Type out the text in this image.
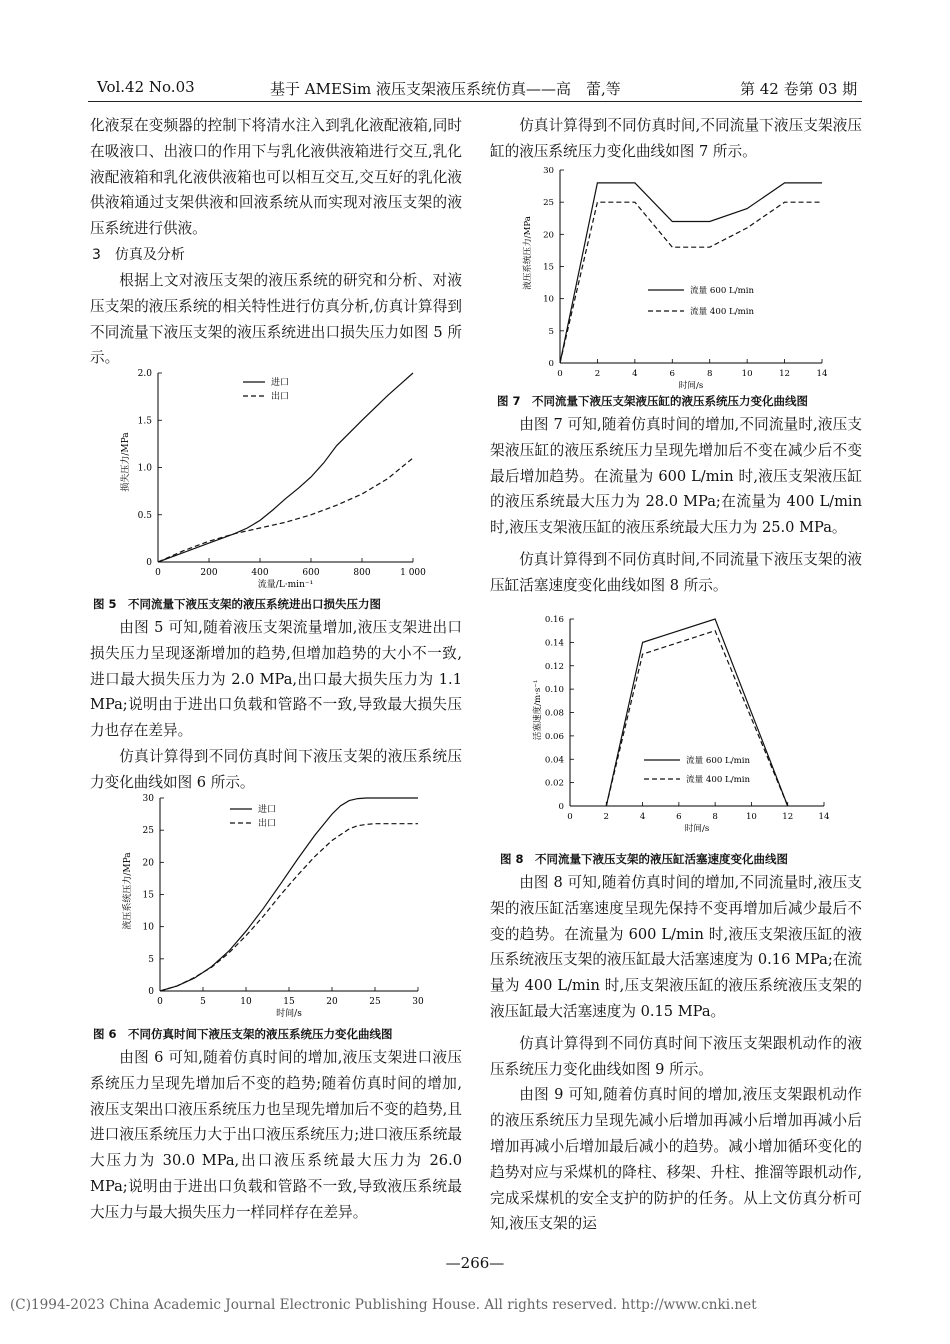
Vol.42 No.03	基于 AMESim 液压支架液压系统仿真——高　蕾,等	第 42 卷第 03 期

化液泵在变频器的控制下将清水注入到乳化液配液箱,同时在吸液口、出液口的作用下与乳化液供液箱进行交互,乳化液配液箱和乳化液供液箱也可以相互交互,交互好的乳化液供液箱通过支架供液和回液系统从而实现对液压支架的液压系统进行供液。

3　仿真及分析

根据上文对液压支架的液压系统的研究和分析、对液压支架的液压系统的相关特性进行仿真分析,仿真计算得到不同流量下液压支架的液压系统进出口损失压力如图 5 所示。

0	200	400	600	800	1 000
0.5
1.0
1.5
2.0
0
流量/L·min⁻¹
损失压力/MPa
进口
出口
图 5　不同流量下液压支架的液压系统进出口损失压力图

由图 5 可知,随着液压支架流量增加,液压支架进出口损失压力呈现逐渐增加的趋势,但增加趋势的大小不一致,进口最大损失压力为 2.0 MPa,出口最大损失压力为 1.1 MPa;说明由于进出口负载和管路不一致,导致最大损失压力也存在差异。

仿真计算得到不同仿真时间下液压支架的液压系统压力变化曲线如图 6 所示。

0	5	10	15	20	25	30
0
5
10
15
20
25
30
时间/s
液压系统压力/MPa
进口
出口
图 6　不同仿真时间下液压支架的液压系统压力变化曲线图

由图 6 可知,随着仿真时间的增加,液压支架进口液压系统压力呈现先增加后不变的趋势;随着仿真时间的增加,液压支架出口液压系统压力也呈现先增加后不变的趋势,且进口液压系统压力大于出口液压系统压力;进口液压系统最大压力为 30.0 MPa,出口液压系统最大压力为 26.0 MPa;说明由于进出口负载和管路不一致,导致液压系统最大压力与最大损失压力一样同样存在差异。

仿真计算得到不同仿真时间,不同流量下液压支架液压缸的液压系统压力变化曲线如图 7 所示。

0	2	4	6	8	10	12	14
0
5
10
15
20
25
30
时间/s
液压系统压力/MPa
流量 600 L/min
流量 400 L/min
图 7　不同流量下液压支架液压缸的液压系统压力变化曲线图

由图 7 可知,随着仿真时间的增加,不同流量时,液压支架液压缸的液压系统压力呈现先增加后不变在减少后不变最后增加趋势。在流量为 600 L/min 时,液压支架液压缸的液压系统最大压力为 28.0 MPa;在流量为 400 L/min 时,液压支架液压缸的液压系统最大压力为 25.0 MPa。

仿真计算得到不同仿真时间,不同流量下液压支架的液压缸活塞速度变化曲线如图 8 所示。

0	2	4	6	8	10	12	14
0.02
0.04
0.06
0.08
0.10
0.12
0.14
0.16
0
时间/s
活塞速度/m·s⁻¹
流量 600 L/min
流量 400 L/min
图 8　不同流量下液压支架的液压缸活塞速度变化曲线图

由图 8 可知,随着仿真时间的增加,不同流量时,液压支架的液压缸活塞速度呈现先保持不变再增加后减少最后不变的趋势。在流量为 600 L/min 时,液压支架液压缸的液压系统液压支架的液压缸最大活塞速度为 0.16 MPa;在流量为 400 L/min 时,压支架液压缸的液压系统液压支架的液压缸最大活塞速度为 0.15 MPa。

仿真计算得到不同仿真时间下液压支架跟机动作的液压系统压力变化曲线如图 9 所示。

由图 9 可知,随着仿真时间的增加,液压支架跟机动作的液压系统压力呈现先减小后增加再减小后增加再减小后增加再减小后增加最后减小的趋势。减小增加循环变化的趋势对应与采煤机的降柱、移架、升柱、推溜等跟机动作,完成采煤机的安全支护的防护的任务。从上文仿真分析可知,液压支架的运

—266—
(C)1994-2023 China Academic Journal Electronic Publishing House. All rights reserved. http://www.cnki.net
